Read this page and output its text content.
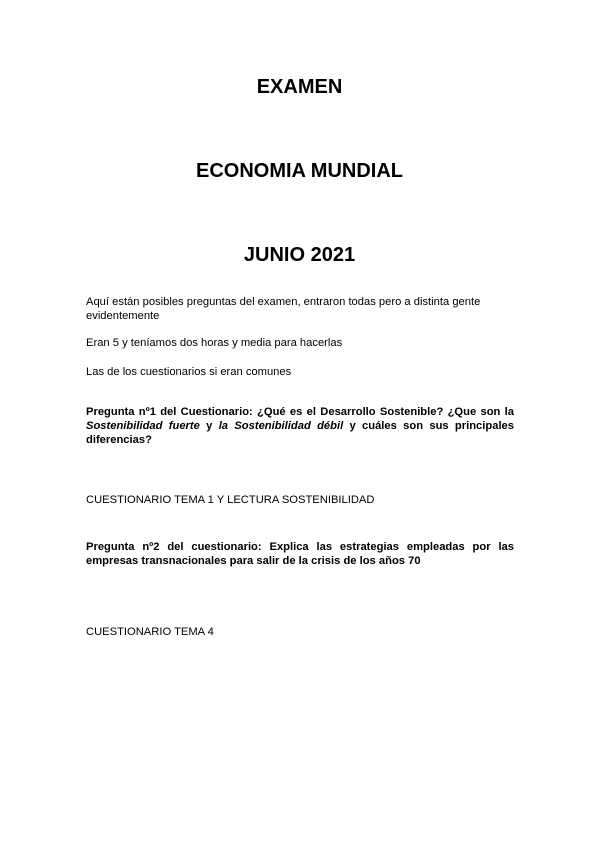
EXAMEN
ECONOMIA MUNDIAL
JUNIO 2021

Aquí están posibles preguntas del examen, entraron todas pero a distinta gente evidentemente

Eran 5 y teníamos dos horas y media para hacerlas

Las de los cuestionarios si eran comunes

Pregunta nº1 del Cuestionario: ¿Qué es el Desarrollo Sostenible? ¿Que son la Sostenibilidad fuerte y la Sostenibilidad débil y cuáles son sus principales diferencias?

CUESTIONARIO TEMA 1 Y LECTURA SOSTENIBILIDAD

Pregunta nº2 del cuestionario: Explica las estrategias empleadas por las empresas transnacionales para salir de la crisis de los años 70

CUESTIONARIO TEMA 4
